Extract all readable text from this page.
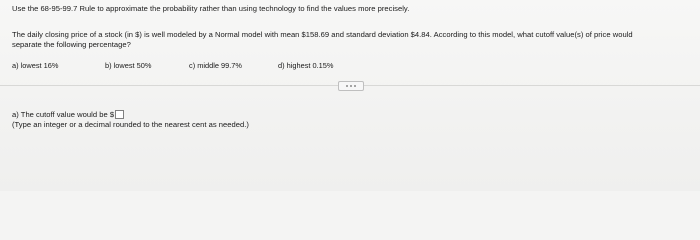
Use the 68-95-99.7 Rule to approximate the probability rather than using technology to find the values more precisely.
The daily closing price of a stock (in $) is well modeled by a Normal model with mean $158.69 and standard deviation $4.84. According to this model, what cutoff value(s) of price would
separate the following percentage?
a) lowest 16%	b) lowest 50%	c) middle 99.7%	d) highest 0.15%
a) The cutoff value would be $
(Type an integer or a decimal rounded to the nearest cent as needed.)
